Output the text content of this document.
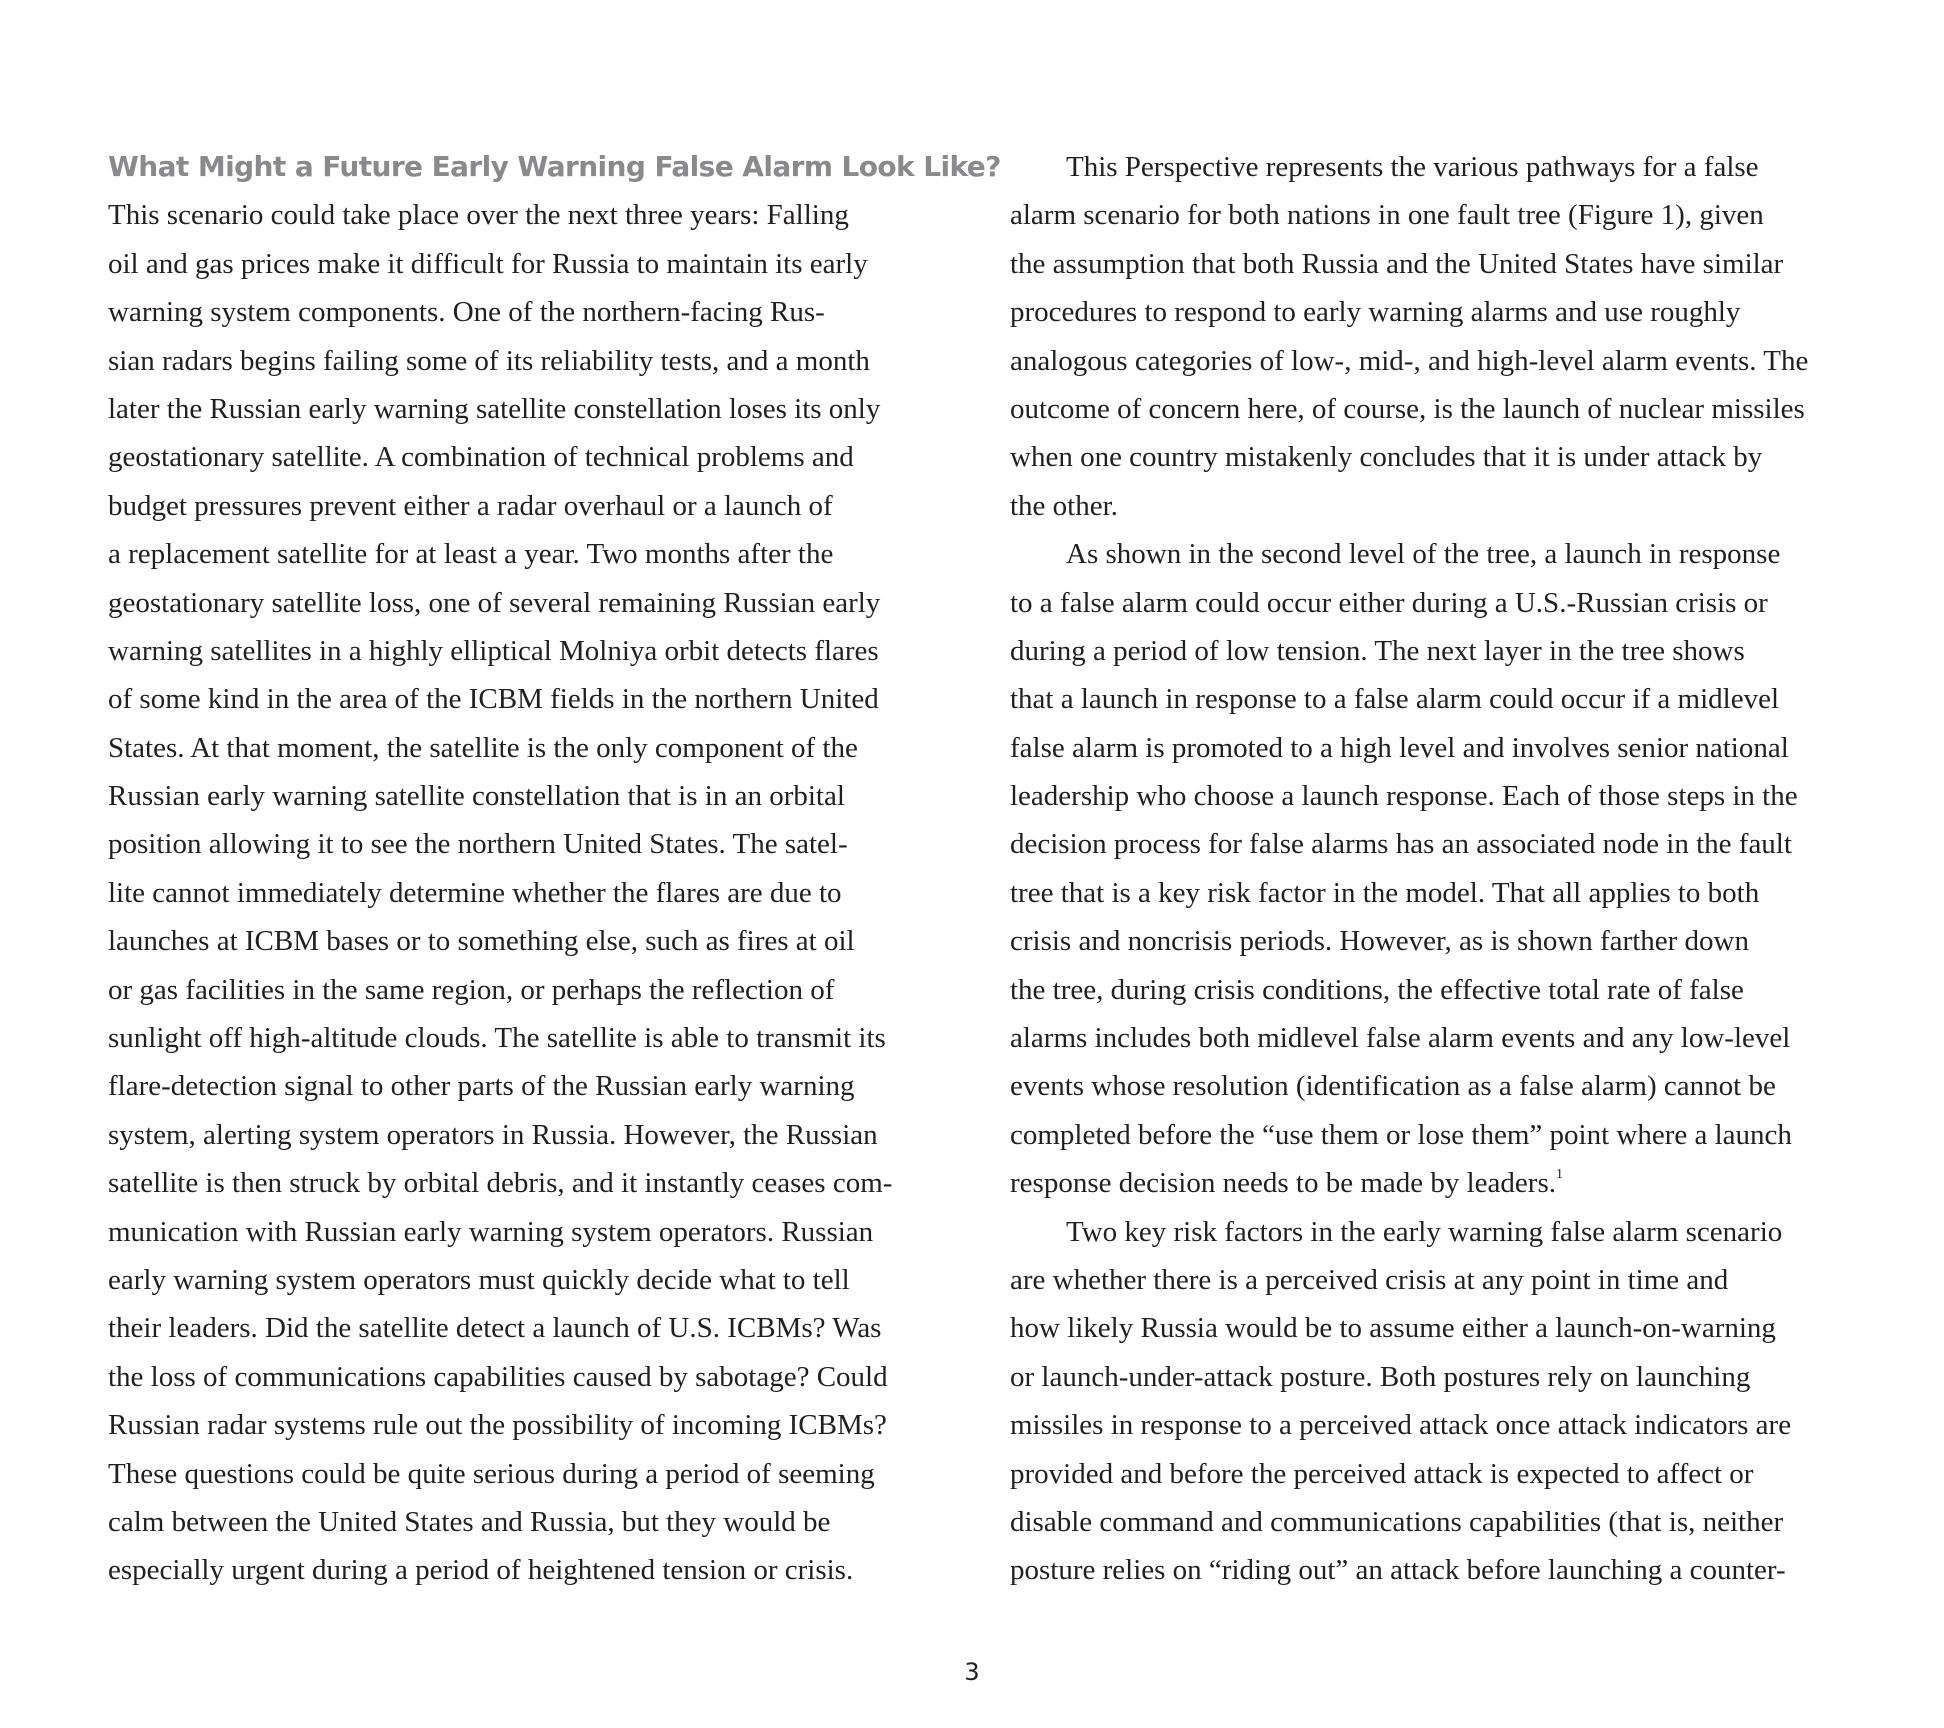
What Might a Future Early Warning False Alarm Look Like?
This scenario could take place over the next three years: Falling
oil and gas prices make it difficult for Russia to maintain its early
warning system components. One of the northern-facing Rus-
sian radars begins failing some of its reliability tests, and a month
later the Russian early warning satellite constellation loses its only
geostationary satellite. A combination of technical problems and
budget pressures prevent either a radar overhaul or a launch of
a replacement satellite for at least a year. Two months after the
geostationary satellite loss, one of several remaining Russian early
warning satellites in a highly elliptical Molniya orbit detects flares
of some kind in the area of the ICBM fields in the northern United
States. At that moment, the satellite is the only component of the
Russian early warning satellite constellation that is in an orbital
position allowing it to see the northern United States. The satel-
lite cannot immediately determine whether the flares are due to
launches at ICBM bases or to something else, such as fires at oil
or gas facilities in the same region, or perhaps the reflection of
sunlight off high-altitude clouds. The satellite is able to transmit its
flare-detection signal to other parts of the Russian early warning
system, alerting system operators in Russia. However, the Russian
satellite is then struck by orbital debris, and it instantly ceases com-
munication with Russian early warning system operators. Russian
early warning system operators must quickly decide what to tell
their leaders. Did the satellite detect a launch of U.S. ICBMs? Was
the loss of communications capabilities caused by sabotage? Could
Russian radar systems rule out the possibility of incoming ICBMs?
These questions could be quite serious during a period of seeming
calm between the United States and Russia, but they would be
especially urgent during a period of heightened tension or crisis.
This Perspective represents the various pathways for a false
alarm scenario for both nations in one fault tree (Figure 1), given
the assumption that both Russia and the United States have similar
procedures to respond to early warning alarms and use roughly
analogous categories of low-, mid-, and high-level alarm events. The
outcome of concern here, of course, is the launch of nuclear missiles
when one country mistakenly concludes that it is under attack by
the other.
As shown in the second level of the tree, a launch in response
to a false alarm could occur either during a U.S.-Russian crisis or
during a period of low tension. The next layer in the tree shows
that a launch in response to a false alarm could occur if a midlevel
false alarm is promoted to a high level and involves senior national
leadership who choose a launch response. Each of those steps in the
decision process for false alarms has an associated node in the fault
tree that is a key risk factor in the model. That all applies to both
crisis and noncrisis periods. However, as is shown farther down
the tree, during crisis conditions, the effective total rate of false
alarms includes both midlevel false alarm events and any low-level
events whose resolution (identification as a false alarm) cannot be
completed before the “use them or lose them” point where a launch
response decision needs to be made by leaders.$^1$
Two key risk factors in the early warning false alarm scenario
are whether there is a perceived crisis at any point in time and
how likely Russia would be to assume either a launch-on-warning
or launch-under-attack posture. Both postures rely on launching
missiles in response to a perceived attack once attack indicators are
provided and before the perceived attack is expected to affect or
disable command and communications capabilities (that is, neither
posture relies on “riding out” an attack before launching a counter-
3
